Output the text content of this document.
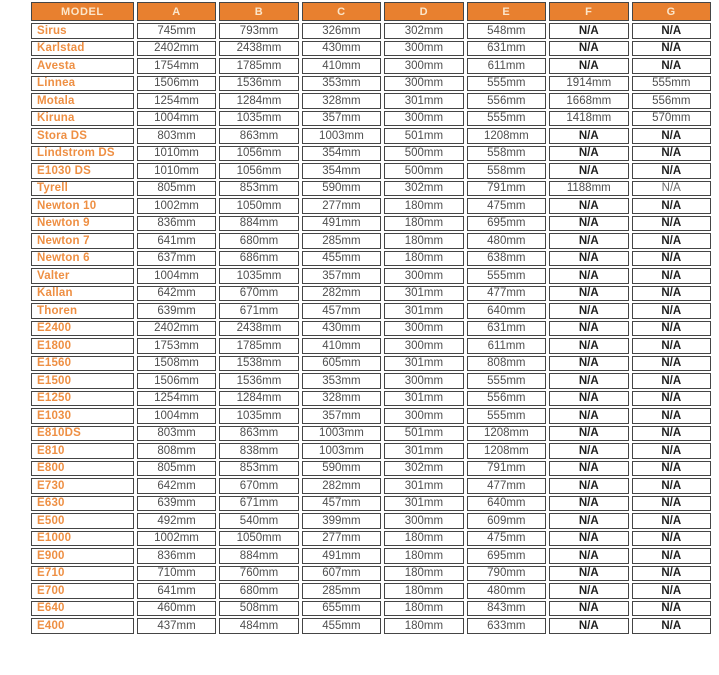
MODEL	A	B	C	D	E	F	G
Sirus	745mm	793mm	326mm	302mm	548mm	N/A	N/A
Karlstad	2402mm	2438mm	430mm	300mm	631mm	N/A	N/A
Avesta	1754mm	1785mm	410mm	300mm	611mm	N/A	N/A
Linnea	1506mm	1536mm	353mm	300mm	555mm	1914mm	555mm
Motala	1254mm	1284mm	328mm	301mm	556mm	1668mm	556mm
Kiruna	1004mm	1035mm	357mm	300mm	555mm	1418mm	570mm
Stora DS	803mm	863mm	1003mm	501mm	1208mm	N/A	N/A
Lindstrom DS	1010mm	1056mm	354mm	500mm	558mm	N/A	N/A
E1030 DS	1010mm	1056mm	354mm	500mm	558mm	N/A	N/A
Tyrell	805mm	853mm	590mm	302mm	791mm	1188mm	N/A
Newton 10	1002mm	1050mm	277mm	180mm	475mm	N/A	N/A
Newton 9	836mm	884mm	491mm	180mm	695mm	N/A	N/A
Newton 7	641mm	680mm	285mm	180mm	480mm	N/A	N/A
Newton 6	637mm	686mm	455mm	180mm	638mm	N/A	N/A
Valter	1004mm	1035mm	357mm	300mm	555mm	N/A	N/A
Kallan	642mm	670mm	282mm	301mm	477mm	N/A	N/A
Thoren	639mm	671mm	457mm	301mm	640mm	N/A	N/A
E2400	2402mm	2438mm	430mm	300mm	631mm	N/A	N/A
E1800	1753mm	1785mm	410mm	300mm	611mm	N/A	N/A
E1560	1508mm	1538mm	605mm	301mm	808mm	N/A	N/A
E1500	1506mm	1536mm	353mm	300mm	555mm	N/A	N/A
E1250	1254mm	1284mm	328mm	301mm	556mm	N/A	N/A
E1030	1004mm	1035mm	357mm	300mm	555mm	N/A	N/A
E810DS	803mm	863mm	1003mm	501mm	1208mm	N/A	N/A
E810	808mm	838mm	1003mm	301mm	1208mm	N/A	N/A
E800	805mm	853mm	590mm	302mm	791mm	N/A	N/A
E730	642mm	670mm	282mm	301mm	477mm	N/A	N/A
E630	639mm	671mm	457mm	301mm	640mm	N/A	N/A
E500	492mm	540mm	399mm	300mm	609mm	N/A	N/A
E1000	1002mm	1050mm	277mm	180mm	475mm	N/A	N/A
E900	836mm	884mm	491mm	180mm	695mm	N/A	N/A
E710	710mm	760mm	607mm	180mm	790mm	N/A	N/A
E700	641mm	680mm	285mm	180mm	480mm	N/A	N/A
E640	460mm	508mm	655mm	180mm	843mm	N/A	N/A
E400	437mm	484mm	455mm	180mm	633mm	N/A	N/A
